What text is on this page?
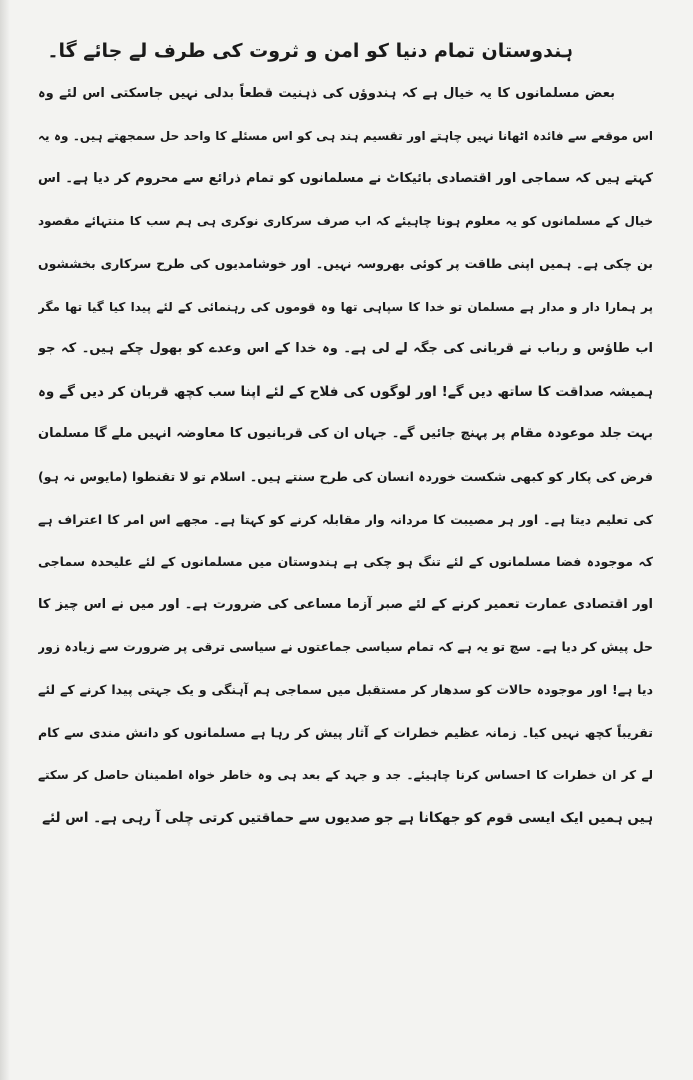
ہندوستان تمام دنیا کو امن و ثروت کی طرف لے جائے گا۔
بعض مسلمانوں کا یہ خیال ہے کہ ہندوؤں کی ذہنیت قطعاً بدلی نہیں جاسکتی اس لئے وہ
اس موقعے سے فائدہ اٹھانا نہیں چاہتے اور تقسیم ہند ہی کو اس مسئلے کا واحد حل سمجھتے ہیں۔ وہ یہ
کہتے ہیں کہ سماجی اور اقتصادی بائیکاٹ نے مسلمانوں کو تمام ذرائع سے محروم کر دیا ہے۔ اس
خیال کے مسلمانوں کو یہ معلوم ہونا چاہیئے کہ اب صرف سرکاری نوکری ہی ہم سب کا منتہائے مقصود
بن چکی ہے۔ ہمیں اپنی طاقت پر کوئی بھروسہ نہیں۔ اور خوشامدیوں کی طرح سرکاری بخششوں
پر ہمارا دار و مدار ہے مسلمان تو خدا کا سپاہی تھا وہ قوموں کی رہنمائی کے لئے پیدا کیا گیا تھا مگر
اب طاؤس و رباب نے قربانی کی جگہ لے لی ہے۔ وہ خدا کے اس وعدے کو بھول چکے ہیں۔ کہ جو
ہمیشہ صداقت کا ساتھ دیں گے! اور لوگوں کی فلاح کے لئے اپنا سب کچھ قربان کر دیں گے وہ
بہت جلد موعودہ مقام پر پہنچ جائیں گے۔ جہاں ان کی قربانیوں کا معاوضہ انہیں ملے گا مسلمان
فرض کی پکار کو کبھی شکست خوردہ انسان کی طرح سنتے ہیں۔ اسلام تو لا تقنطوا (مایوس نہ ہو)
کی تعلیم دیتا ہے۔ اور ہر مصیبت کا مردانہ وار مقابلہ کرنے کو کہتا ہے۔ مجھے اس امر کا اعتراف ہے
کہ موجودہ فضا مسلمانوں کے لئے تنگ ہو چکی ہے ہندوستان میں مسلمانوں کے لئے علیحدہ سماجی
اور اقتصادی عمارت تعمیر کرنے کے لئے صبر آزما مساعی کی ضرورت ہے۔ اور میں نے اس چیز کا
حل پیش کر دیا ہے۔ سچ تو یہ ہے کہ تمام سیاسی جماعتوں نے سیاسی ترقی پر ضرورت سے زیادہ زور
دیا ہے! اور موجودہ حالات کو سدھار کر مستقبل میں سماجی ہم آہنگی و یک جہتی پیدا کرنے کے لئے
تقریباً کچھ نہیں کیا۔ زمانہ عظیم خطرات کے آثار پیش کر رہا ہے مسلمانوں کو دانش مندی سے کام
لے کر ان خطرات کا احساس کرنا چاہیئے۔ جد و جہد کے بعد ہی وہ خاطر خواہ اطمینان حاصل کر سکتے
ہیں ہمیں ایک ایسی قوم کو جھکانا ہے جو صدیوں سے حماقتیں کرتی چلی آ رہی ہے۔ اس لئے
